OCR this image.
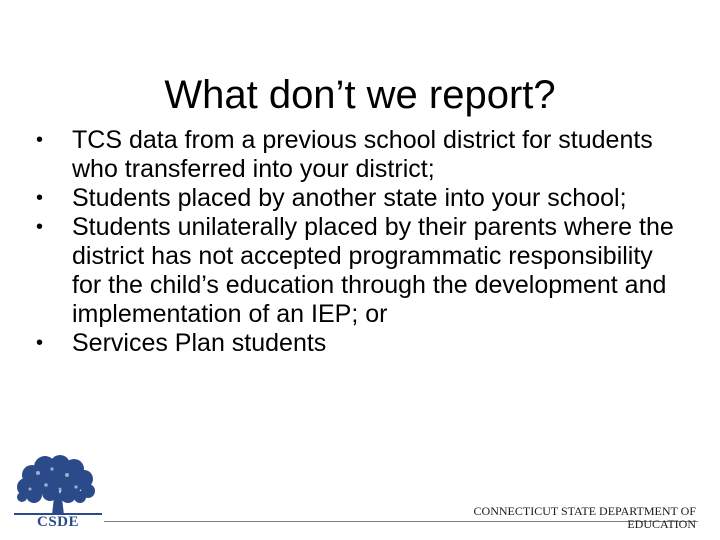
What don’t we report?
•	TCS data from a previous school district for students who transferred into your district;
•	Students placed by another state into your school;
•	Students unilaterally placed by their parents where the district has not accepted programmatic responsibility for the child’s education through the development and implementation of an IEP; or
•	Services Plan students
CSDE
CONNECTICUT STATE DEPARTMENT OF EDUCATION
